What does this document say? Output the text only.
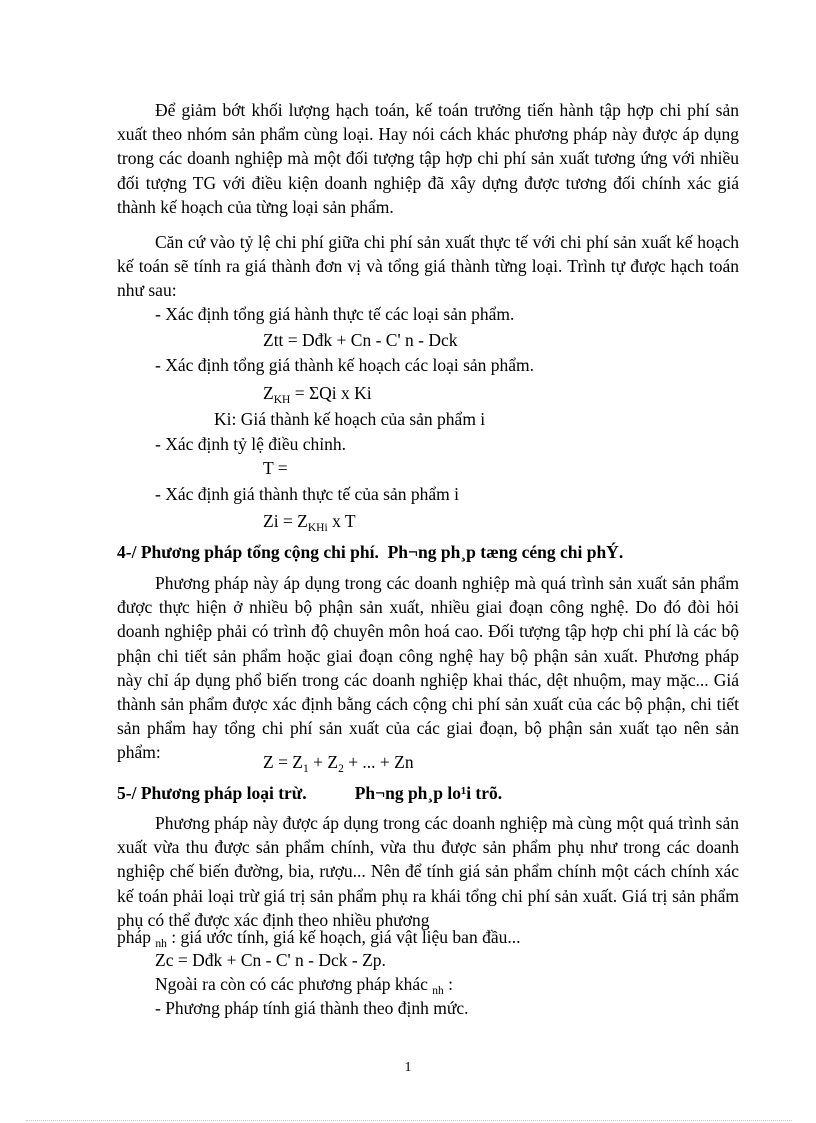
Để giảm bớt khối lượng hạch toán, kế toán trưởng tiến hành tập hợp chi phí sản xuất theo nhóm sản phẩm cùng loại. Hay nói cách khác phương pháp này được áp dụng trong các doanh nghiệp mà một đối tượng tập hợp chi phí sản xuất tương ứng với nhiều đối tượng TG với điều kiện doanh nghiệp đã xây dựng được tương đối chính xác giá thành kế hoạch của từng loại sản phẩm.

Căn cứ vào tỷ lệ chi phí giữa chi phí sản xuất thực tế với chi phí sản xuất kế hoạch kế toán sẽ tính ra giá thành đơn vị và tổng giá thành từng loại. Trình tự được hạch toán như sau:

- Xác định tổng giá hành thực tế các loại sản phẩm.

Ztt = Dđk + Cn - C' n - Dck

- Xác định tổng giá thành kế hoạch các loại sản phẩm.

$Z_{KH} = \Sigma Qi$ x Ki

Ki: Giá thành kế hoạch của sản phẩm i

- Xác định tỷ lệ điều chỉnh.

T =

- Xác định giá thành thực tế của sản phẩm i

$Zi = Z_{KHi}$ x T

4-/ Phương pháp tổng cộng chi phí. Ph¬ng ph¸p tæng céng chi phÝ.

Phương pháp này áp dụng trong các doanh nghiệp mà quá trình sản xuất sản phẩm được thực hiện ở nhiều bộ phận sản xuất, nhiều giai đoạn công nghệ. Do đó đòi hỏi doanh nghiệp phải có trình độ chuyên môn hoá cao. Đối tượng tập hợp chi phí là các bộ phận chi tiết sản phẩm hoặc giai đoạn công nghệ hay bộ phận sản xuất. Phương pháp này chỉ áp dụng phổ biến trong các doanh nghiệp khai thác, dệt nhuộm, may mặc... Giá thành sản phẩm được xác định bằng cách cộng chi phí sản xuất của các bộ phận, chi tiết sản phẩm hay tổng chi phí sản xuất của các giai đoạn, bộ phận sản xuất tạo nên sản phẩm:	$Z = Z_1 + Z_2$ + ... + Zn

5-/ Phương pháp loại trừ.	Ph¬ng ph¸p lo¹i trõ.

Phương pháp này được áp dụng trong các doanh nghiệp mà cùng một quá trình sản xuất vừa thu được sản phẩm chính, vừa thu được sản phẩm phụ như trong các doanh nghiệp chế biến đường, bia, rượu... Nên để tính giá sản phẩm chính một cách chính xác kế toán phải loại trừ giá trị sản phẩm phụ ra khái tổng chi phí sản xuất. Giá trị sản phẩm phụ có thể được xác định theo nhiều phương

pháp $_{nh}$ : giá ước tính, giá kế hoạch, giá vật liệu ban đầu...

Zc = Dđk + Cn - C' n - Dck - Zp.

Ngoài ra còn có các phương pháp khác $_{nh}$ :

- Phương pháp tính giá thành theo định mức.

1
